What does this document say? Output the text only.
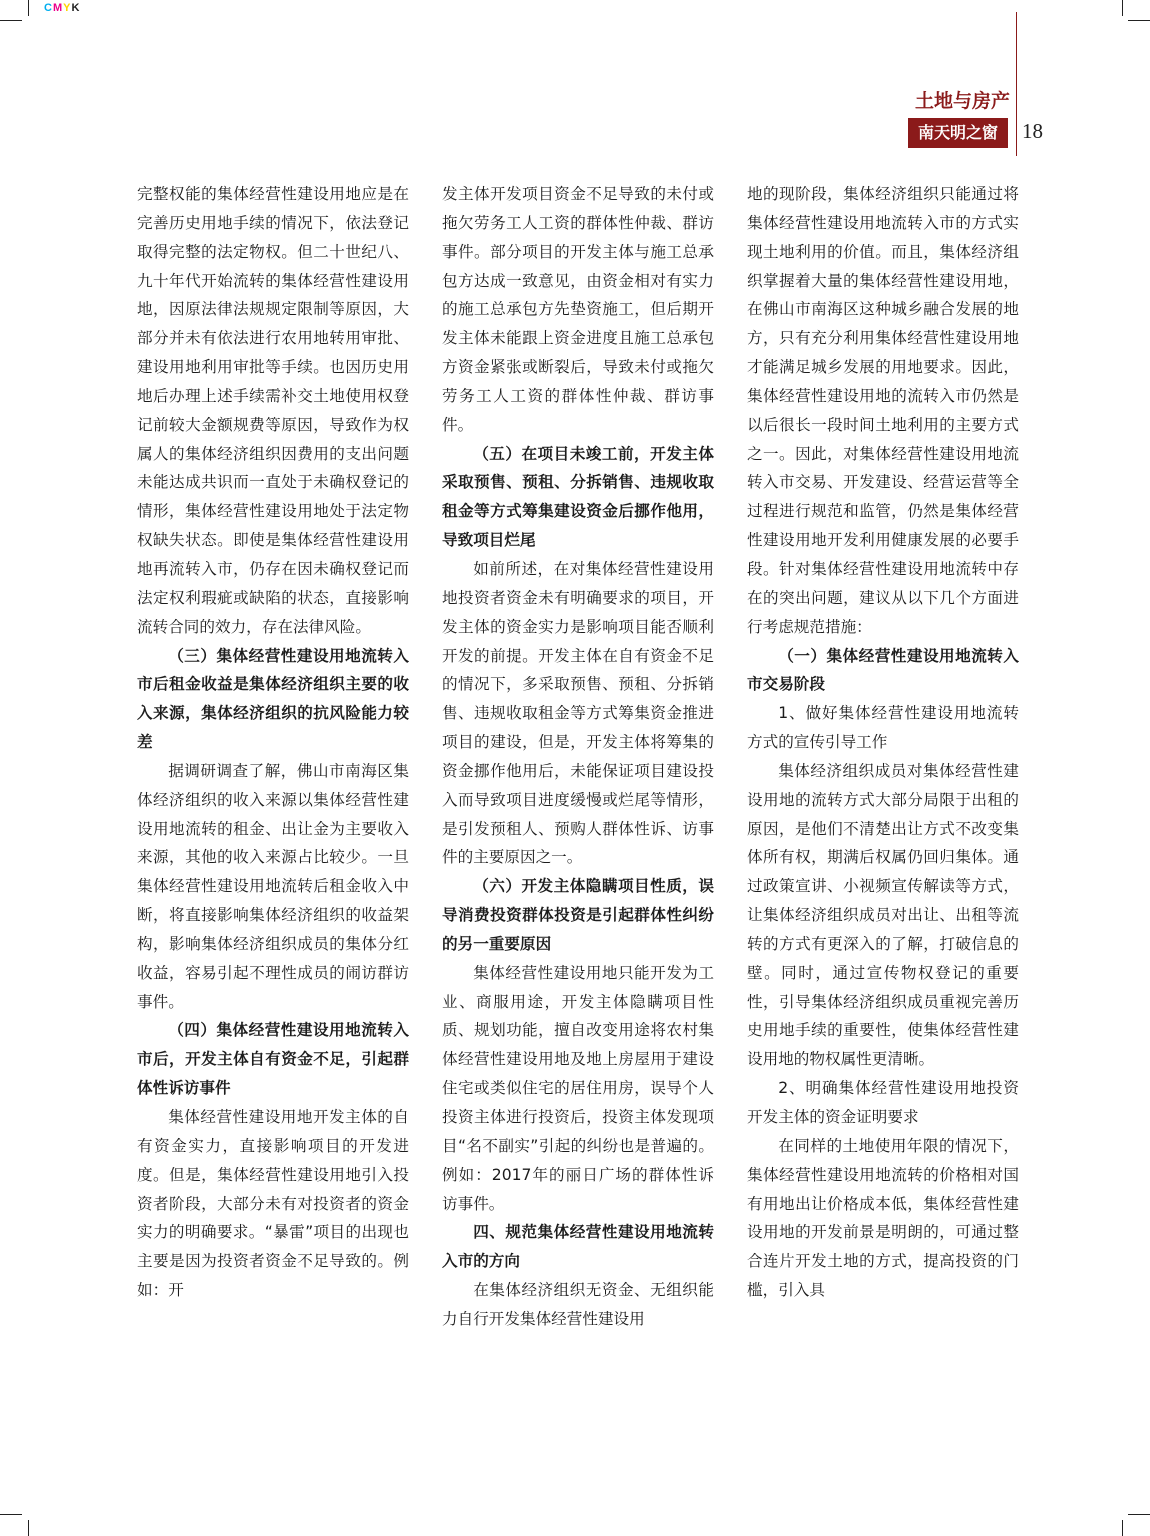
CMYK
土地与房产
南天明之窗	18

完整权能的集体经营性建设用地应是在完善历史用地手续的情况下，依法登记取得完整的法定物权。但二十世纪八、九十年代开始流转的集体经营性建设用地，因原法律法规规定限制等原因，大部分并未有依法进行农用地转用审批、建设用地利用审批等手续。也因历史用地后办理上述手续需补交土地使用权登记前较大金额规费等原因，导致作为权属人的集体经济组织因费用的支出问题未能达成共识而一直处于未确权登记的情形，集体经营性建设用地处于法定物权缺失状态。即使是集体经营性建设用地再流转入市，仍存在因未确权登记而法定权利瑕疵或缺陷的状态，直接影响流转合同的效力，存在法律风险。

（三）集体经营性建设用地流转入市后租金收益是集体经济组织主要的收入来源，集体经济组织的抗风险能力较差

据调研调查了解，佛山市南海区集体经济组织的收入来源以集体经营性建设用地流转的租金、出让金为主要收入来源，其他的收入来源占比较少。一旦集体经营性建设用地流转后租金收入中断，将直接影响集体经济组织的收益架构，影响集体经济组织成员的集体分红收益，容易引起不理性成员的闹访群访事件。

（四）集体经营性建设用地流转入市后，开发主体自有资金不足，引起群体性诉访事件

集体经营性建设用地开发主体的自有资金实力，直接影响项目的开发进度。但是，集体经营性建设用地引入投资者阶段，大部分未有对投资者的资金实力的明确要求。“暴雷”项目的出现也主要是因为投资者资金不足导致的。例如：开

发主体开发项目资金不足导致的未付或拖欠劳务工人工资的群体性仲裁、群访事件。部分项目的开发主体与施工总承包方达成一致意见，由资金相对有实力的施工总承包方先垫资施工，但后期开发主体未能跟上资金进度且施工总承包方资金紧张或断裂后，导致未付或拖欠劳务工人工资的群体性仲裁、群访事件。

（五）在项目未竣工前，开发主体采取预售、预租、分拆销售、违规收取租金等方式筹集建设资金后挪作他用，导致项目烂尾

如前所述，在对集体经营性建设用地投资者资金未有明确要求的项目，开发主体的资金实力是影响项目能否顺利开发的前提。开发主体在自有资金不足的情况下，多采取预售、预租、分拆销售、违规收取租金等方式筹集资金推进项目的建设，但是，开发主体将筹集的资金挪作他用后，未能保证项目建设投入而导致项目进度缓慢或烂尾等情形，是引发预租人、预购人群体性诉、访事件的主要原因之一。

（六）开发主体隐瞒项目性质，误导消费投资群体投资是引起群体性纠纷的另一重要原因

集体经营性建设用地只能开发为工业、商服用途，开发主体隐瞒项目性质、规划功能，擅自改变用途将农村集体经营性建设用地及地上房屋用于建设住宅或类似住宅的居住用房，误导个人投资主体进行投资后，投资主体发现项目“名不副实”引起的纠纷也是普遍的。例如：2017年的丽日广场的群体性诉访事件。

四、规范集体经营性建设用地流转入市的方向

在集体经济组织无资金、无组织能力自行开发集体经营性建设用

地的现阶段，集体经济组织只能通过将集体经营性建设用地流转入市的方式实现土地利用的价值。而且，集体经济组织掌握着大量的集体经营性建设用地，在佛山市南海区这种城乡融合发展的地方，只有充分利用集体经营性建设用地才能满足城乡发展的用地要求。因此，集体经营性建设用地的流转入市仍然是以后很长一段时间土地利用的主要方式之一。因此，对集体经营性建设用地流转入市交易、开发建设、经营运营等全过程进行规范和监管，仍然是集体经营性建设用地开发利用健康发展的必要手段。针对集体经营性建设用地流转中存在的突出问题，建议从以下几个方面进行考虑规范措施：

（一）集体经营性建设用地流转入市交易阶段

1、做好集体经营性建设用地流转方式的宣传引导工作

集体经济组织成员对集体经营性建设用地的流转方式大部分局限于出租的原因，是他们不清楚出让方式不改变集体所有权，期满后权属仍回归集体。通过政策宣讲、小视频宣传解读等方式，让集体经济组织成员对出让、出租等流转的方式有更深入的了解，打破信息的壁。同时，通过宣传物权登记的重要性，引导集体经济组织成员重视完善历史用地手续的重要性，使集体经营性建设用地的物权属性更清晰。

2、明确集体经营性建设用地投资开发主体的资金证明要求

在同样的土地使用年限的情况下，集体经营性建设用地流转的价格相对国有用地出让价格成本低，集体经营性建设用地的开发前景是明朗的，可通过整合连片开发土地的方式，提高投资的门槛，引入具
